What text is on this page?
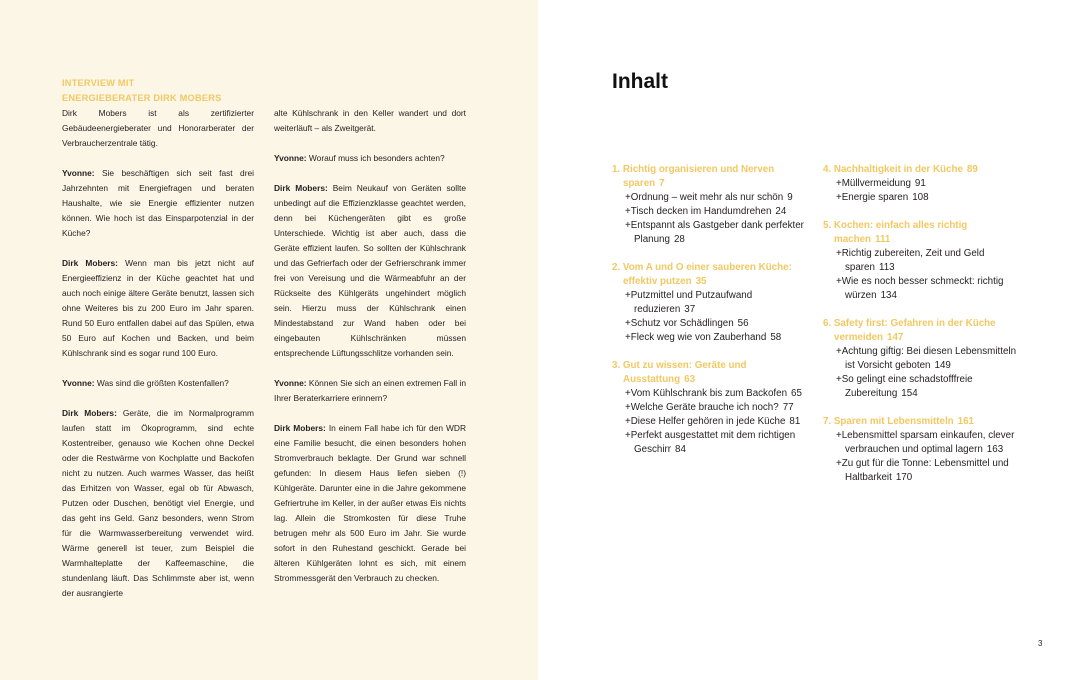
INTERVIEW MIT
ENERGIEBERATER DIRK MOBERS

Dirk Mobers ist als zertifizierter Gebäudeenergieberater und Honorarberater der Verbraucherzentrale tätig.

Yvonne: Sie beschäftigen sich seit fast drei Jahrzehnten mit Energiefragen und beraten Haushalte, wie sie Energie effizienter nutzen können. Wie hoch ist das Einsparpotenzial in der Küche?

Dirk Mobers: Wenn man bis jetzt nicht auf Energieeffizienz in der Küche geachtet hat und auch noch einige ältere Geräte benutzt, lassen sich ohne Weiteres bis zu 200 Euro im Jahr sparen. Rund 50 Euro entfallen dabei auf das Spülen, etwa 50 Euro auf Kochen und Backen, und beim Kühlschrank sind es sogar rund 100 Euro.

Yvonne: Was sind die größten Kostenfallen?

Dirk Mobers: Geräte, die im Normalprogramm laufen statt im Ökoprogramm, sind echte Kostentreiber, genauso wie Kochen ohne Deckel oder die Restwärme von Kochplatte und Backofen nicht zu nutzen. Auch warmes Wasser, das heißt das Erhitzen von Wasser, egal ob für Abwasch, Putzen oder Duschen, benötigt viel Energie, und das geht ins Geld. Ganz besonders, wenn Strom für die Warmwasserbereitung verwendet wird. Wärme generell ist teuer, zum Beispiel die Warmhalteplatte der Kaffeemaschine, die stundenlang läuft. Das Schlimmste aber ist, wenn der ausrangierte

alte Kühlschrank in den Keller wandert und dort weiterläuft – als Zweitgerät.

Yvonne: Worauf muss ich besonders achten?

Dirk Mobers: Beim Neukauf von Geräten sollte unbedingt auf die Effizienzklasse geachtet werden, denn bei Küchengeräten gibt es große Unterschiede. Wichtig ist aber auch, dass die Geräte effizient laufen. So sollten der Kühlschrank und das Gefrierfach oder der Gefrierschrank immer frei von Vereisung und die Wärmeabfuhr an der Rückseite des Kühlgeräts ungehindert möglich sein. Hierzu muss der Kühlschrank einen Mindestabstand zur Wand haben oder bei eingebauten Kühlschränken müssen entsprechende Lüftungsschlitze vorhanden sein.

Yvonne: Können Sie sich an einen extremen Fall in Ihrer Beraterkarriere erinnern?

Dirk Mobers: In einem Fall habe ich für den WDR eine Familie besucht, die einen besonders hohen Stromverbrauch beklagte. Der Grund war schnell gefunden: In diesem Haus liefen sieben (!) Kühlgeräte. Darunter eine in die Jahre gekommene Gefriertruhe im Keller, in der außer etwas Eis nichts lag. Allein die Stromkosten für diese Truhe betrugen mehr als 500 Euro im Jahr. Sie wurde sofort in den Ruhestand geschickt. Gerade bei älteren Kühlgeräten lohnt es sich, mit einem Strommessgerät den Verbrauch zu checken.

Inhalt
1. Richtig organisieren und Nerven sparen 7
+Ordnung – weit mehr als nur schön 9
+Tisch decken im Handumdrehen 24
+Entspannt als Gastgeber dank perfekter Planung 28
2. Vom A und O einer sauberen Küche: effektiv putzen 35
+Putzmittel und Putzaufwand reduzieren 37
+Schutz vor Schädlingen 56
+Fleck weg wie von Zauberhand 58
3. Gut zu wissen: Geräte und Ausstattung 63
+Vom Kühlschrank bis zum Backofen 65
+Welche Geräte brauche ich noch? 77
+Diese Helfer gehören in jede Küche 81
+Perfekt ausgestattet mit dem richtigen Geschirr 84
4. Nachhaltigkeit in der Küche 89
+Müllvermeidung 91
+Energie sparen 108
5. Kochen: einfach alles richtig machen 111
+Richtig zubereiten, Zeit und Geld sparen 113
+Wie es noch besser schmeckt: richtig würzen 134
6. Safety first: Gefahren in der Küche vermeiden 147
+Achtung giftig: Bei diesen Lebensmitteln ist Vorsicht geboten 149
+So gelingt eine schadstofffreie Zubereitung 154
7. Sparen mit Lebensmitteln 161
+Lebensmittel sparsam einkaufen, clever verbrauchen und optimal lagern 163
+Zu gut für die Tonne: Lebensmittel und Haltbarkeit 170
3
